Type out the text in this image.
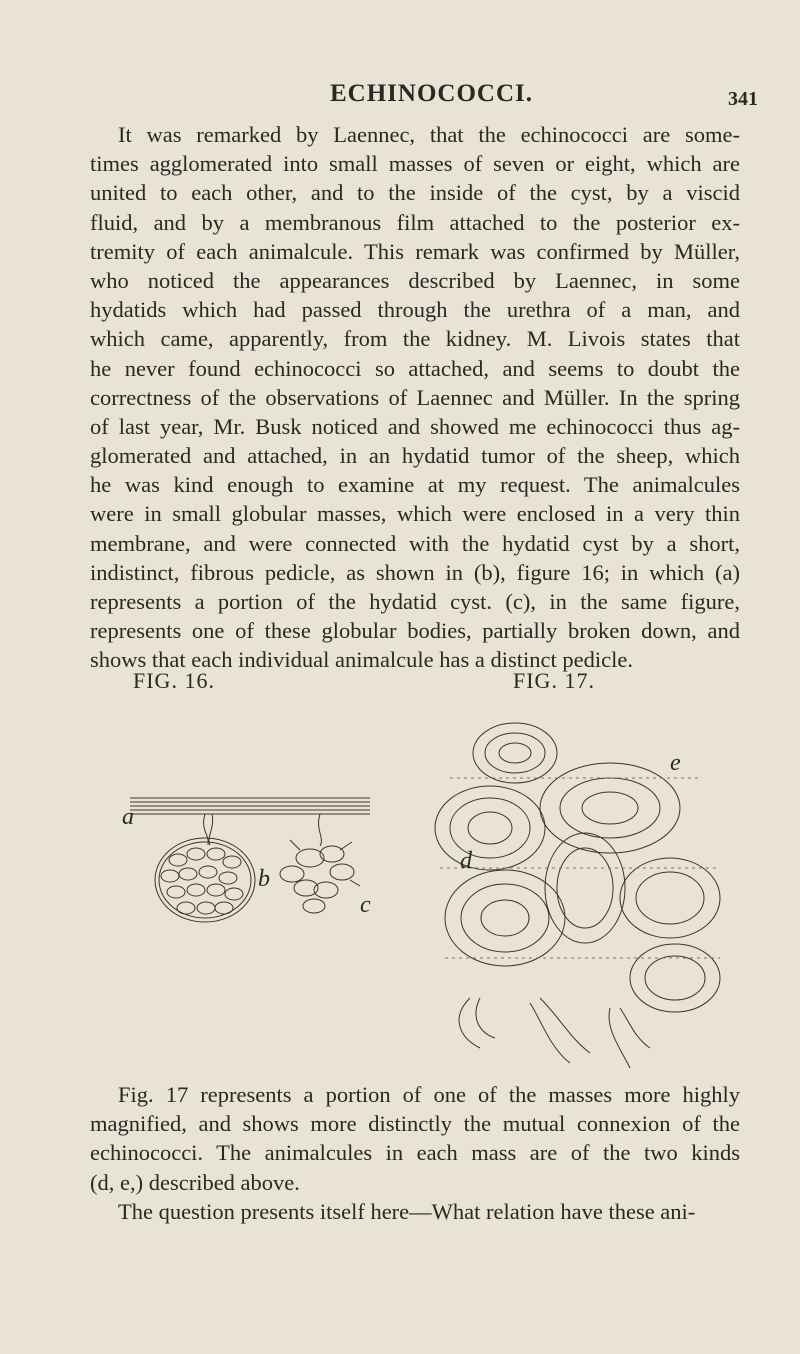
ECHINOCOCCI.	341
It was remarked by Laennec, that the echinococci are some-
times agglomerated into small masses of seven or eight, which are
united to each other, and to the inside of the cyst, by a viscid
fluid, and by a membranous film attached to the posterior ex-
tremity of each animalcule. This remark was confirmed by Müller,
who noticed the appearances described by Laennec, in some
hydatids which had passed through the urethra of a man, and
which came, apparently, from the kidney. M. Livois states that
he never found echinococci so attached, and seems to doubt the
correctness of the observations of Laennec and Müller. In the spring
of last year, Mr. Busk noticed and showed me echinococci thus ag-
glomerated and attached, in an hydatid tumor of the sheep, which
he was kind enough to examine at my request. The animalcules
were in small globular masses, which were enclosed in a very thin
membrane, and were connected with the hydatid cyst by a short,
indistinct, fibrous pedicle, as shown in (b), figure 16; in which (a)
represents a portion of the hydatid cyst. (c), in the same figure,
represents one of these globular bodies, partially broken down, and
shows that each individual animalcule has a distinct pedicle.
FIG. 16.	FIG. 17.
a
b
c
d
e
Fig. 17 represents a portion of one of the masses more highly
magnified, and shows more distinctly the mutual connexion of the
echinococci. The animalcules in each mass are of the two kinds
(d, e,) described above.
The question presents itself here—What relation have these ani-
